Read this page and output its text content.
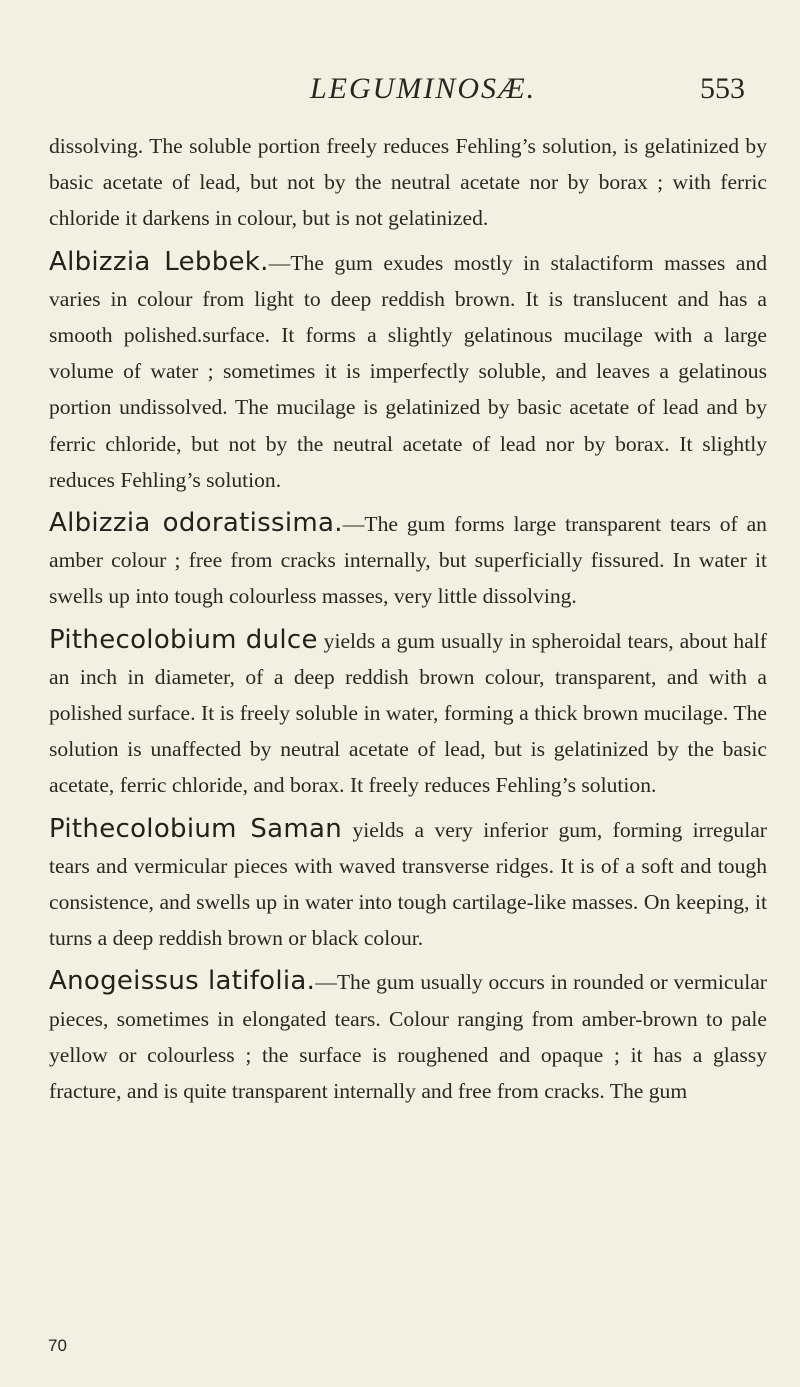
LEGUMINOSÆ.	553

dissolving. The soluble portion freely reduces Fehling’s solution, is gelatinized by basic acetate of lead, but not by the neutral acetate nor by borax ; with ferric chloride it darkens in colour, but is not gelatinized.

Albizzia Lebbek.—The gum exudes mostly in stalactiform masses and varies in colour from light to deep reddish brown. It is translucent and has a smooth polished.surface. It forms a slightly gelatinous mucilage with a large volume of water ; sometimes it is imperfectly soluble, and leaves a gelatinous portion undissolved. The mucilage is gelatinized by basic acetate of lead and by ferric chloride, but not by the neutral acetate of lead nor by borax. It slightly reduces Fehling’s solution.

Albizzia odoratissima.—The gum forms large transparent tears of an amber colour ; free from cracks internally, but superficially fissured. In water it swells up into tough colourless masses, very little dissolving.

Pithecolobium dulce yields a gum usually in spheroidal tears, about half an inch in diameter, of a deep reddish brown colour, transparent, and with a polished surface. It is freely soluble in water, forming a thick brown mucilage. The solution is unaffected by neutral acetate of lead, but is gelatinized by the basic acetate, ferric chloride, and borax. It freely reduces Fehling’s solution.

Pithecolobium Saman yields a very inferior gum, forming irregular tears and vermicular pieces with waved transverse ridges. It is of a soft and tough consistence, and swells up in water into tough cartilage-like masses. On keeping, it turns a deep reddish brown or black colour.

Anogeissus latifolia.—The gum usually occurs in rounded or vermicular pieces, sometimes in elongated tears. Colour ranging from amber-brown to pale yellow or colourless ; the surface is roughened and opaque ; it has a glassy fracture, and is quite transparent internally and free from cracks. The gum

70
